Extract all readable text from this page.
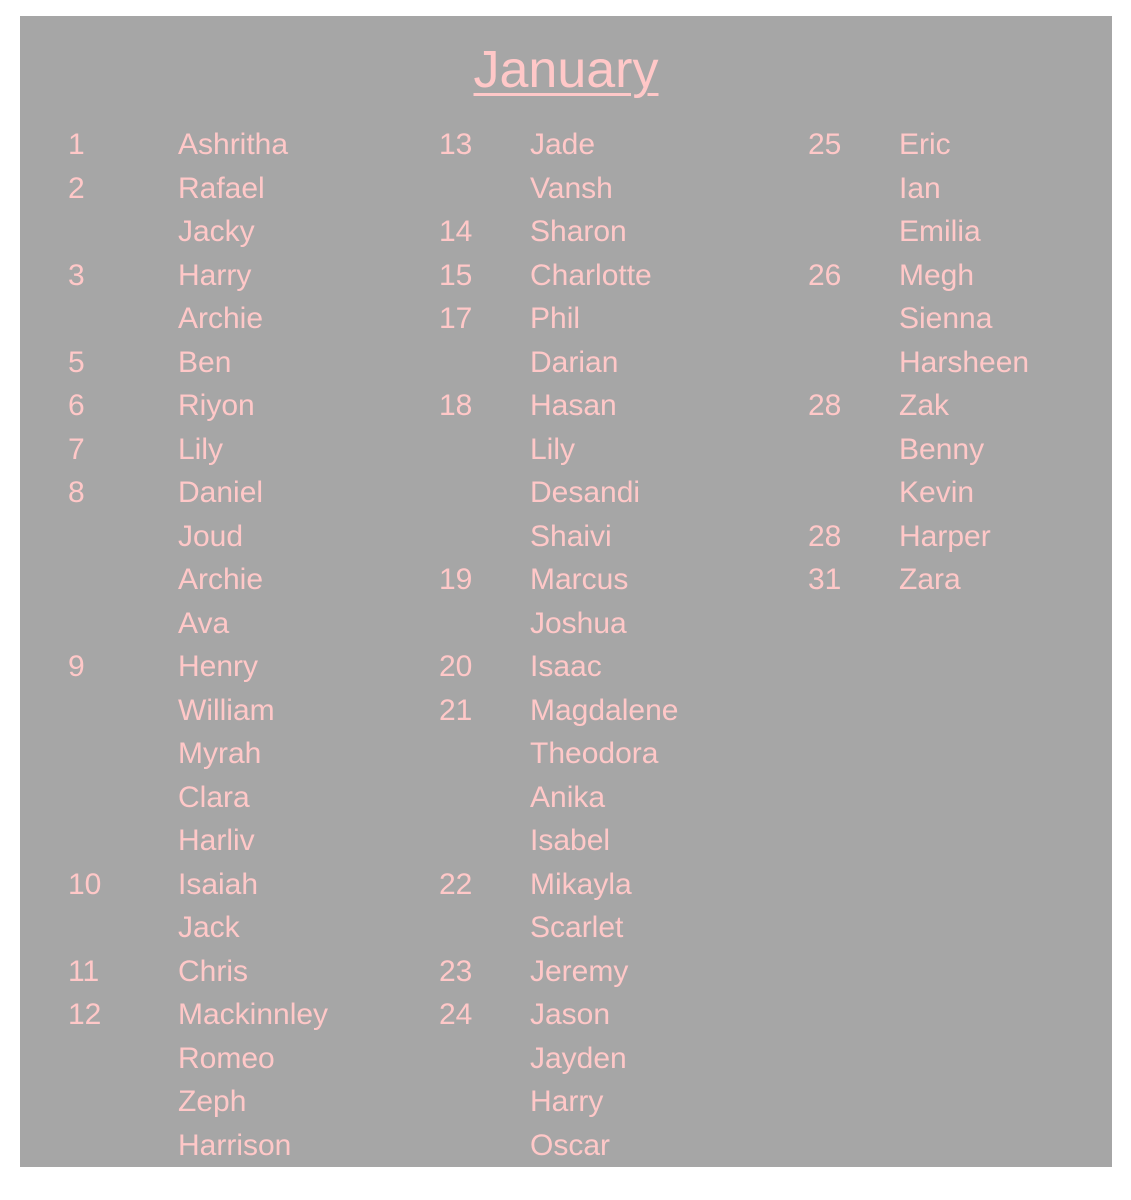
January
1	Ashritha
2	Rafael
Jacky
3	Harry
Archie
5	Ben
6	Riyon
7	Lily
8	Daniel
Joud
Archie
Ava
9	Henry
William
Myrah
Clara
Harliv
10	Isaiah
Jack
11	Chris
12	Mackinnley
Romeo
Zeph
Harrison
13 Jade
Vansh
14 Sharon
15 Charlotte
17 Phil
Darian
18 Hasan
Lily
Desandi
Shaivi
19 Marcus
Joshua
20 Isaac
21 Magdalene
Theodora
Anika
Isabel
22 Mikayla
Scarlet
23 Jeremy
24 Jason
Jayden
Harry
Oscar
25 Eric
Ian
Emilia
26 Megh
Sienna
Harsheen
28 Zak
Benny
Kevin
28 Harper
31 Zara
